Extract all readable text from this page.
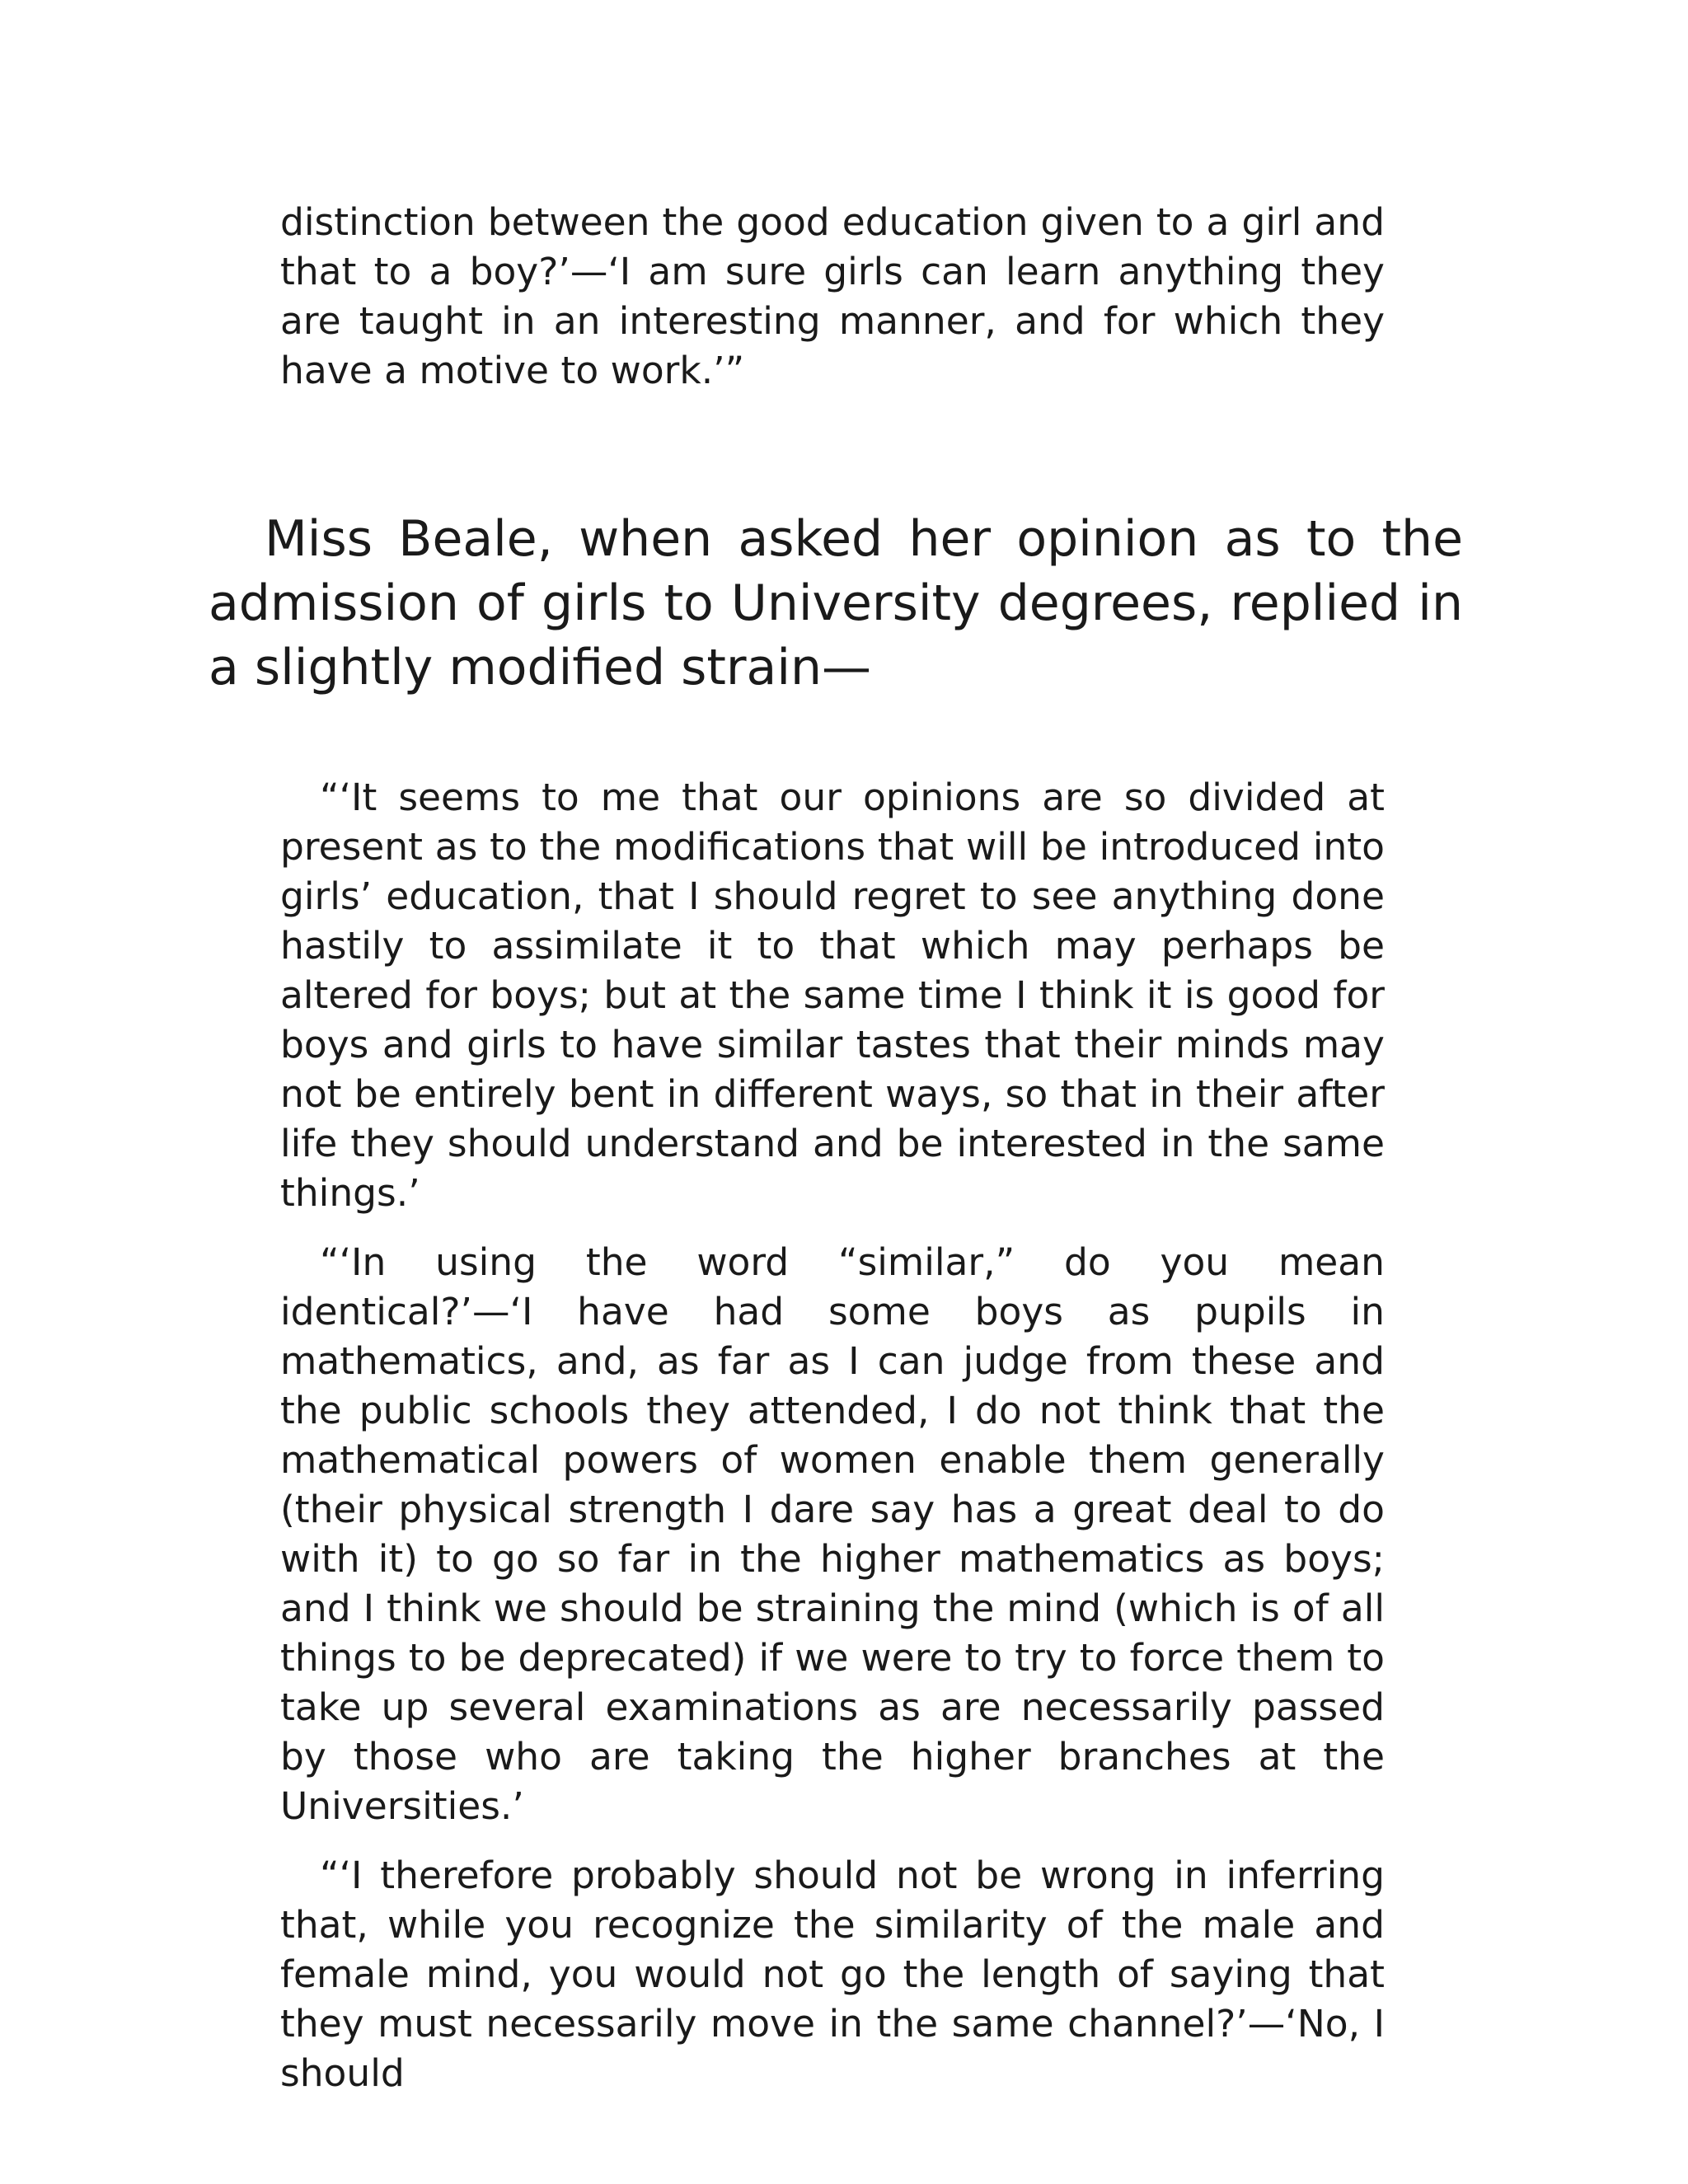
distinction between the good education given to a girl and that to a boy?’—‘I am sure girls can learn anything they are taught in an interesting manner, and for which they have a motive to work.’”

Miss Beale, when asked her opinion as to the admission of girls to University degrees, replied in a slightly modified strain—

“‘It seems to me that our opinions are so divided at present as to the modifications that will be introduced into girls’ education, that I should regret to see anything done hastily to assimilate it to that which may perhaps be altered for boys; but at the same time I think it is good for boys and girls to have similar tastes that their minds may not be entirely bent in different ways, so that in their after life they should understand and be interested in the same things.’

“‘In using the word “similar,” do you mean identical?’—‘I have had some boys as pupils in mathematics, and, as far as I can judge from these and the public schools they attended, I do not think that the mathematical powers of women enable them generally (their physical strength I dare say has a great deal to do with it) to go so far in the higher mathematics as boys; and I think we should be straining the mind (which is of all things to be deprecated) if we were to try to force them to take up several examinations as are necessarily passed by those who are taking the higher branches at the Universities.’

“‘I therefore probably should not be wrong in inferring that, while you recognize the similarity of the male and female mind, you would not go the length of saying that they must necessarily move in the same channel?’—‘No, I should
